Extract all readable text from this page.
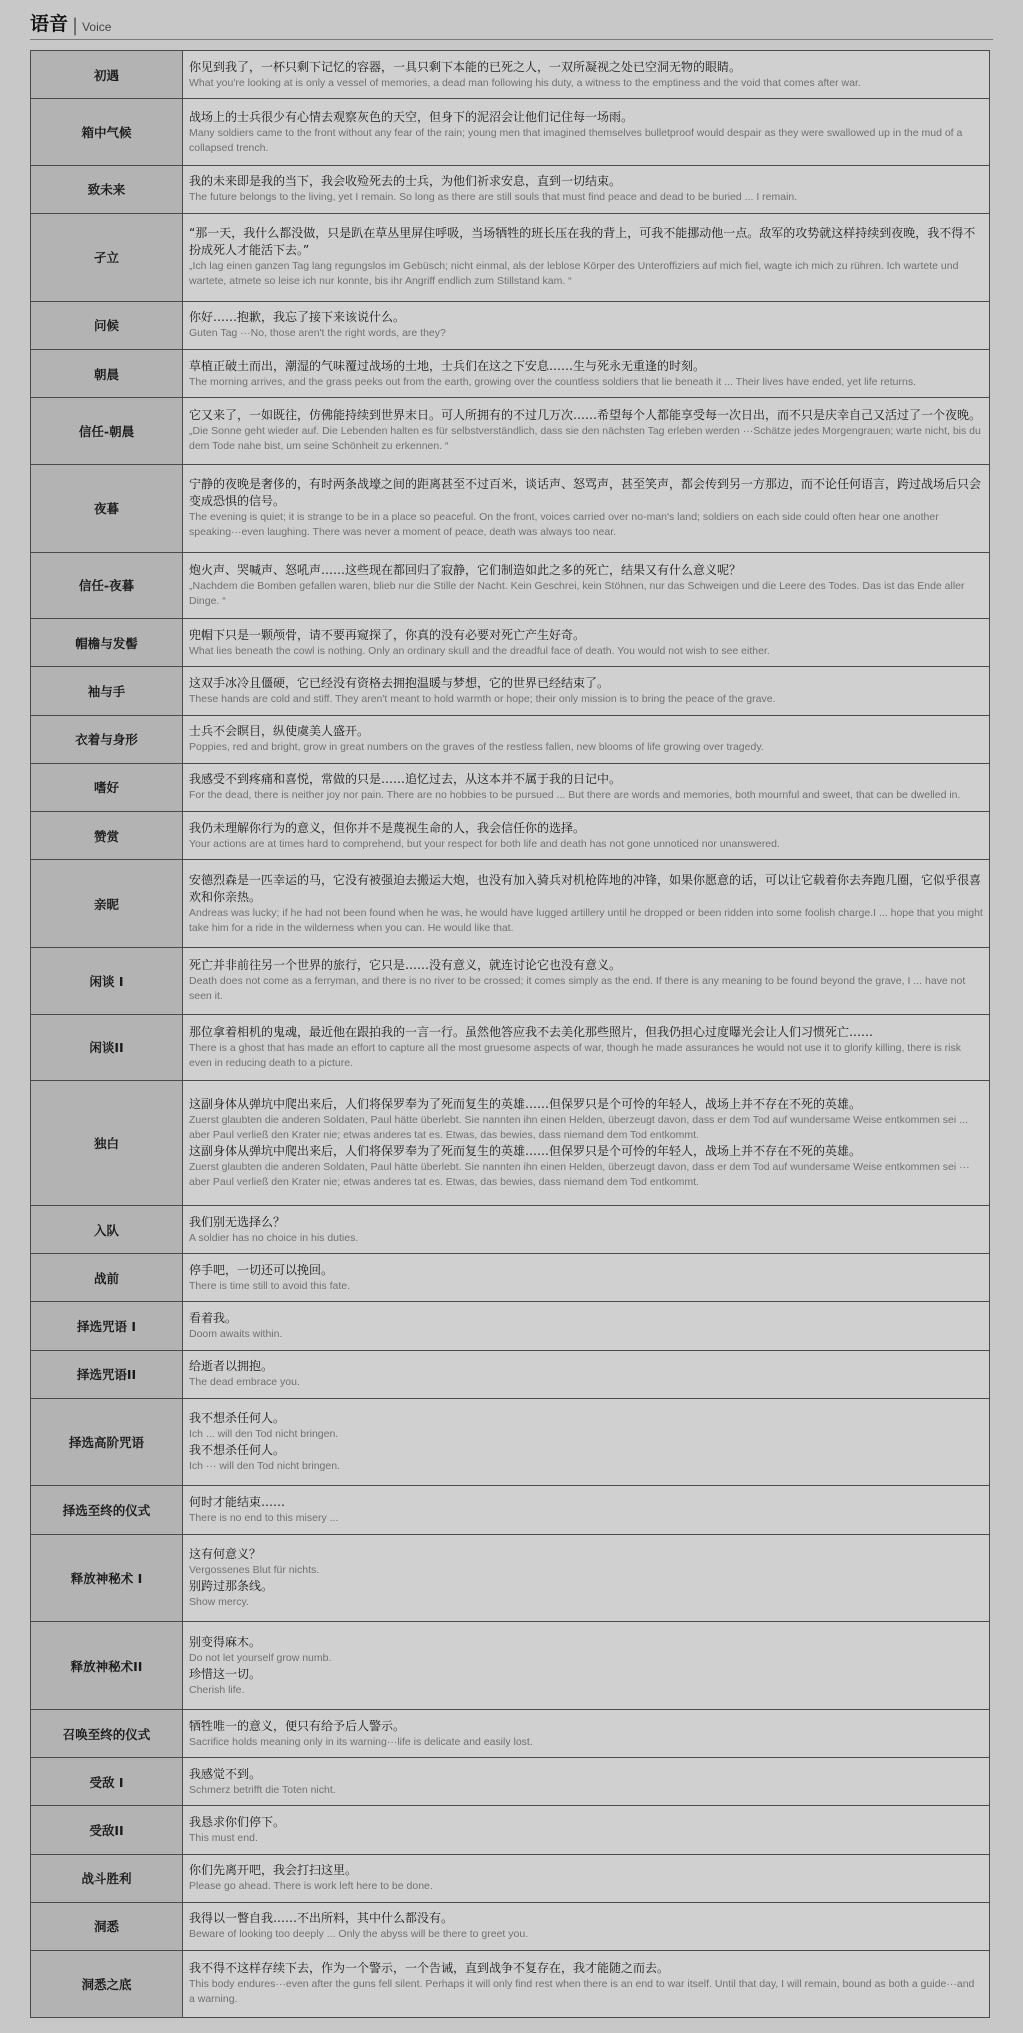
语音 | Voice
初遇	你见到我了，一杯只剩下记忆的容器，一具只剩下本能的已死之人，一双所凝视之处已空洞无物的眼睛。
What you're looking at is only a vessel of memories, a dead man following his duty, a witness to the emptiness and the void that comes after war.

箱中气候	战场上的士兵很少有心情去观察灰色的天空，但身下的泥沼会让他们记住每一场雨。
Many soldiers came to the front without any fear of the rain; young men that imagined themselves bulletproof would despair as they were swallowed up in the mud of a collapsed trench.

致未来	我的未来即是我的当下，我会收殓死去的士兵，为他们祈求安息，直到一切结束。
The future belongs to the living, yet I remain. So long as there are still souls that must find peace and dead to be buried ... I remain.

孑立	“那一天，我什么都没做，只是趴在草丛里屏住呼吸，当场牺牲的班长压在我的背上，可我不能挪动他一点。敌军的攻势就这样持续到夜晚，我不得不扮成死人才能活下去。”
„Ich lag einen ganzen Tag lang regungslos im Gebüsch; nicht einmal, als der leblose Körper des Unteroffiziers auf mich fiel, wagte ich mich zu rühren. Ich wartete und wartete, atmete so leise ich nur konnte, bis ihr Angriff endlich zum Stillstand kam. “

问候	你好……抱歉，我忘了接下来该说什么。
Guten Tag ···No, those aren't the right words, are they?

朝晨	草植正破土而出，潮湿的气味覆过战场的土地，士兵们在这之下安息……生与死永无重逢的时刻。
The morning arrives, and the grass peeks out from the earth, growing over the countless soldiers that lie beneath it ... Their lives have ended, yet life returns.

信任-朝晨	它又来了，一如既往，仿佛能持续到世界末日。可人所拥有的不过几万次……希望每个人都能享受每一次日出，而不只是庆幸自己又活过了一个夜晚。
„Die Sonne geht wieder auf. Die Lebenden halten es für selbstverständlich, dass sie den nächsten Tag erleben werden ···Schätze jedes Morgengrauen; warte nicht, bis du dem Tode nahe bist, um seine Schönheit zu erkennen. “

夜暮	宁静的夜晚是奢侈的，有时两条战壕之间的距离甚至不过百米，谈话声、怒骂声，甚至笑声，都会传到另一方那边，而不论任何语言，跨过战场后只会变成恐惧的信号。
The evening is quiet; it is strange to be in a place so peaceful. On the front, voices carried over no-man's land; soldiers on each side could often hear one another speaking···even laughing. There was never a moment of peace, death was always too near.

信任-夜暮	炮火声、哭喊声、怒吼声……这些现在都回归了寂静，它们制造如此之多的死亡，结果又有什么意义呢？
„Nachdem die Bomben gefallen waren, blieb nur die Stille der Nacht. Kein Geschrei, kein Stöhnen, nur das Schweigen und die Leere des Todes. Das ist das Ende aller Dinge. “

帽檐与发髻	兜帽下只是一颗颅骨，请不要再窥探了，你真的没有必要对死亡产生好奇。
What lies beneath the cowl is nothing. Only an ordinary skull and the dreadful face of death. You would not wish to see either.

袖与手	这双手冰冷且僵硬，它已经没有资格去拥抱温暖与梦想，它的世界已经结束了。
These hands are cold and stiff. They aren't meant to hold warmth or hope; their only mission is to bring the peace of the grave.

衣着与身形	士兵不会瞑目，纵使虞美人盛开。
Poppies, red and bright, grow in great numbers on the graves of the restless fallen, new blooms of life growing over tragedy.

嗜好	我感受不到疼痛和喜悦，常做的只是……追忆过去，从这本并不属于我的日记中。
For the dead, there is neither joy nor pain. There are no hobbies to be pursued ... But there are words and memories, both mournful and sweet, that can be dwelled in.

赞赏	我仍未理解你行为的意义，但你并不是蔑视生命的人，我会信任你的选择。
Your actions are at times hard to comprehend, but your respect for both life and death has not gone unnoticed nor unanswered.

亲昵	安德烈森是一匹幸运的马，它没有被强迫去搬运大炮，也没有加入骑兵对机枪阵地的冲锋，如果你愿意的话，可以让它载着你去奔跑几圈，它似乎很喜欢和你亲热。
Andreas was lucky; if he had not been found when he was, he would have lugged artillery until he dropped or been ridden into some foolish charge.I ... hope that you might take him for a ride in the wilderness when you can. He would like that.

闲谈 I	死亡并非前往另一个世界的旅行，它只是……没有意义，就连讨论它也没有意义。
Death does not come as a ferryman, and there is no river to be crossed; it comes simply as the end. If there is any meaning to be found beyond the grave, I ... have not seen it.

闲谈II	那位拿着相机的鬼魂，最近他在跟拍我的一言一行。虽然他答应我不去美化那些照片，但我仍担心过度曝光会让人们习惯死亡……
There is a ghost that has made an effort to capture all the most gruesome aspects of war, though he made assurances he would not use it to glorify killing, there is risk even in reducing death to a picture.

独白	这副身体从弹坑中爬出来后，人们将保罗奉为了死而复生的英雄……但保罗只是个可怜的年轻人，战场上并不存在不死的英雄。
Zuerst glaubten die anderen Soldaten, Paul hätte überlebt. Sie nannten ihn einen Helden, überzeugt davon, dass er dem Tod auf wundersame Weise entkommen sei ... aber Paul verließ den Krater nie; etwas anderes tat es. Etwas, das bewies, dass niemand dem Tod entkommt.
这副身体从弹坑中爬出来后，人们将保罗奉为了死而复生的英雄……但保罗只是个可怜的年轻人，战场上并不存在不死的英雄。
Zuerst glaubten die anderen Soldaten, Paul hätte überlebt. Sie nannten ihn einen Helden, überzeugt davon, dass er dem Tod auf wundersame Weise entkommen sei ··· aber Paul verließ den Krater nie; etwas anderes tat es. Etwas, das bewies, dass niemand dem Tod entkommt.

入队	我们别无选择么？
A soldier has no choice in his duties.

战前	停手吧，一切还可以挽回。
There is time still to avoid this fate.

择选咒语 I	看着我。
Doom awaits within.

择选咒语II	给逝者以拥抱。
The dead embrace you.

择选高阶咒语	我不想杀任何人。
Ich ... will den Tod nicht bringen.
我不想杀任何人。
Ich ··· will den Tod nicht bringen.

择选至终的仪式	何时才能结束……
There is no end to this misery ...

释放神秘术 I	这有何意义？
Vergossenes Blut für nichts.
别跨过那条线。
Show mercy.

释放神秘术II	别变得麻木。
Do not let yourself grow numb.
珍惜这一切。
Cherish life.

召唤至终的仪式	牺牲唯一的意义，便只有给予后人警示。
Sacrifice holds meaning only in its warning···life is delicate and easily lost.

受敌 I	我感觉不到。
Schmerz betrifft die Toten nicht.

受敌II	我恳求你们停下。
This must end.

战斗胜利	你们先离开吧，我会打扫这里。
Please go ahead. There is work left here to be done.

洞悉	我得以一瞥自我……不出所料，其中什么都没有。
Beware of looking too deeply ... Only the abyss will be there to greet you.

洞悉之底	我不得不这样存续下去，作为一个警示，一个告诫，直到战争不复存在，我才能随之而去。
This body endures···even after the guns fell silent. Perhaps it will only find rest when there is an end to war itself. Until that day, I will remain, bound as both a guide···and a warning.
